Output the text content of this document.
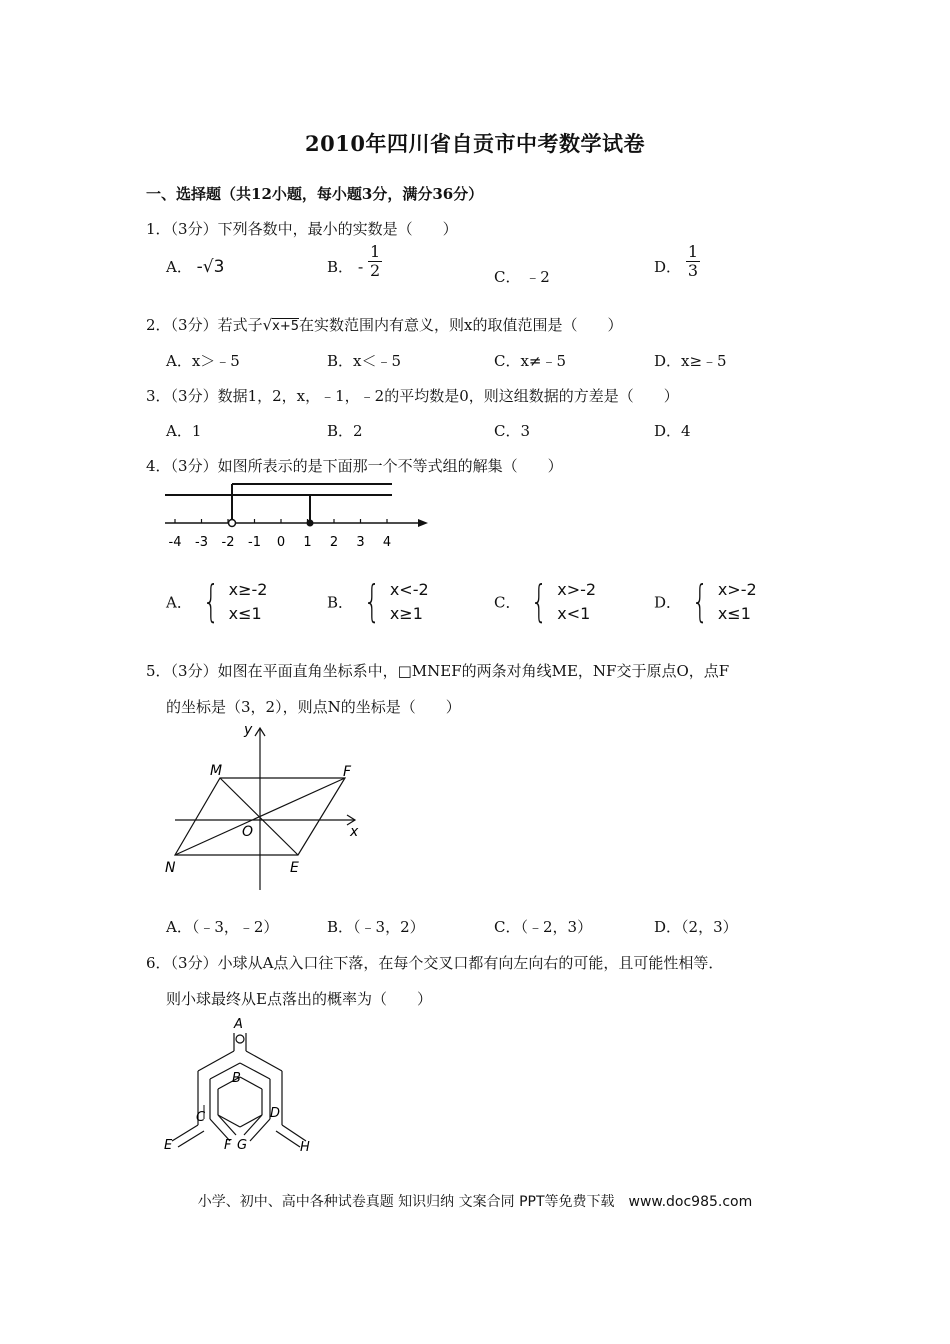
2010年四川省自贡市中考数学试卷
一、选择题（共12小题，每小题3分，满分36分）
1．（3分）下列各数中，最小的实数是（　　）
A． -√3	B． - $\frac{1}{2}$	C． ﹣2
D． $\frac{1}{3}$
2．（3分）若式子√x+5在实数范围内有意义，则x的取值范围是（　　）
A．x＞﹣5	B．x＜﹣5	C．x≠﹣5	D．x≥﹣5
3．（3分）数据1，2，x，﹣1，﹣2的平均数是0，则这组数据的方差是（　　）
A．1	B．2	C．3	D．4
4．（3分）如图所表示的是下面那一个不等式组的解集（　　）
-4 -3 -2 -1 0 1 2 3 4
A． { x≥-2
x≤1
B． { x<-2
x≥1
C． { x>-2
x<1
D． { x>-2
x≤1
5．（3分）如图在平面直角坐标系中，□MNEF的两条对角线ME，NF交于原点O，点F
的坐标是（3，2），则点N的坐标是（　　）
y
x
M	F
O
N	E
A．（﹣3，﹣2）	B．（﹣3，2）	C．（﹣2，3）	D．（2，3）
6．（3分）小球从A点入口往下落，在每个交叉口都有向左向右的可能，且可能性相等．
则小球最终从E点落出的概率为（　　）
A
B
C	D
E	F G	H
小学、初中、高中各种试卷真题 知识归纳 文案合同 PPT等免费下载　www.doc985.com
